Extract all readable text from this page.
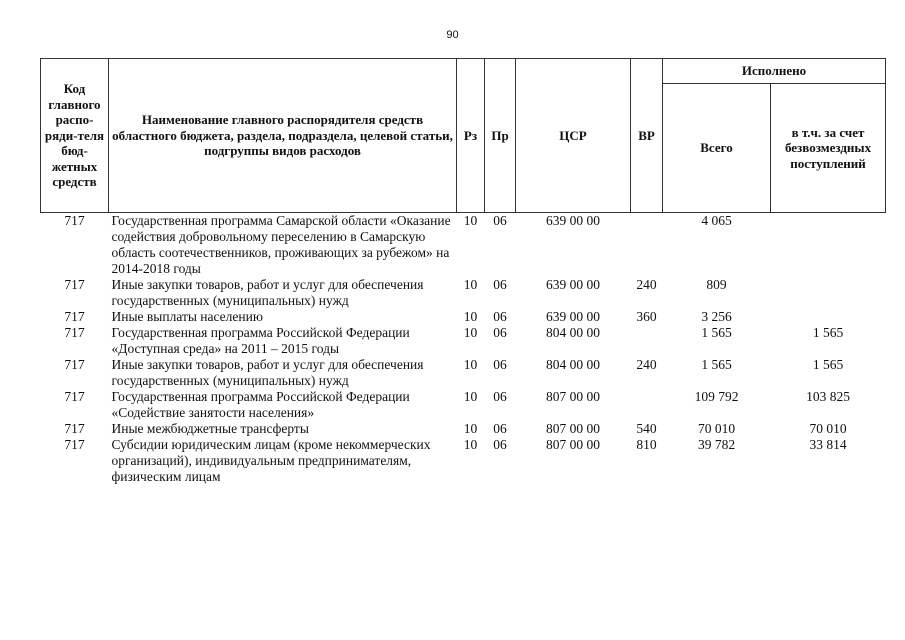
90
Код главного распо-ряди-теля бюд-жетных средств	Наименование главного распорядителя средств областного бюджета, раздела, подраздела, целевой статьи, подгруппы видов расходов	Рз	Пр	ЦСР	ВР	Исполнено	
						Всего	в т.ч. за счет безвозмездных поступлений
717	Государственная программа Самарской области «Оказание содействия добровольному переселению в Самарскую область соотечественников, проживающих за рубежом» на 2014-2018 годы	10	06	639 00 00		4 065	
717	Иные закупки товаров, работ и услуг для обеспечения государственных (муниципальных) нужд	10	06	639 00 00	240	809	
717	Иные выплаты населению	10	06	639 00 00	360	3 256	
717	Государственная программа Российской Федерации «Доступная среда» на 2011 – 2015 годы	10	06	804 00 00		1 565	1 565
717	Иные закупки товаров, работ и услуг для обеспечения государственных (муниципальных) нужд	10	06	804 00 00	240	1 565	1 565
717	Государственная программа Российской Федерации «Содействие занятости населения»	10	06	807 00 00		109 792	103 825
717	Иные межбюджетные трансферты	10	06	807 00 00	540	70 010	70 010
717	Субсидии юридическим лицам (кроме некоммерческих организаций), индивидуальным предпринимателям, физическим лицам	10	06	807 00 00	810	39 782	33 814
